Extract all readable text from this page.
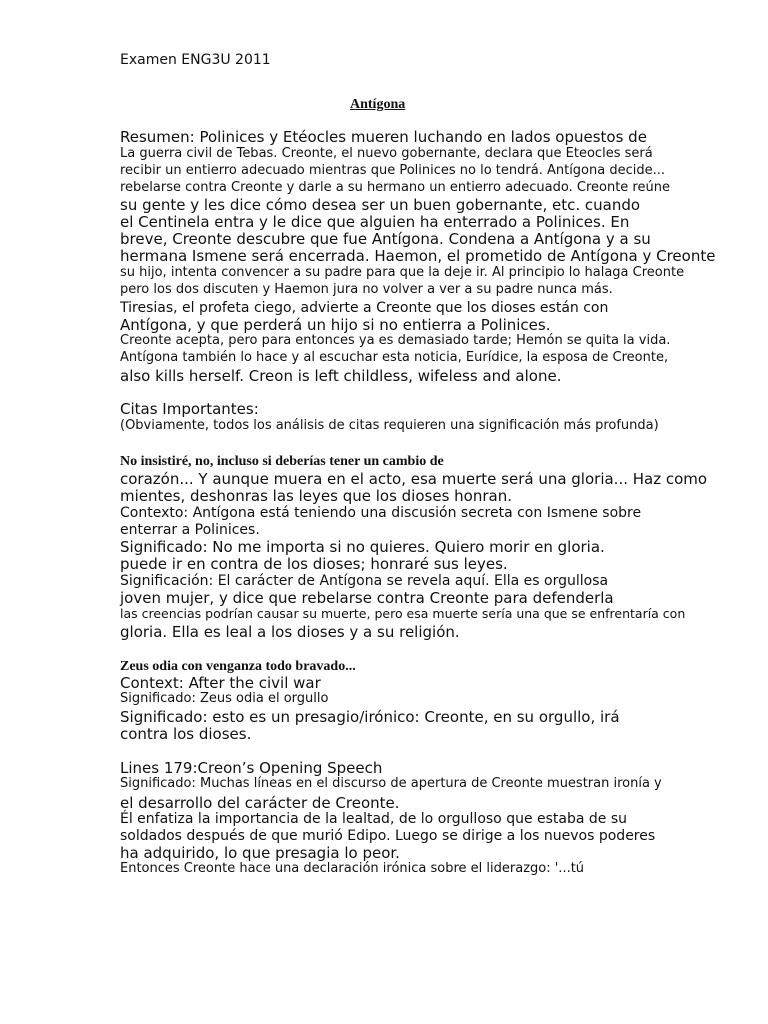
Examen ENG3U 2011
Antígona
Resumen: Polinices y Etéocles mueren luchando en lados opuestos de
La guerra civil de Tebas. Creonte, el nuevo gobernante, declara que Eteocles será
recibir un entierro adecuado mientras que Polinices no lo tendrá. Antígona decide...
rebelarse contra Creonte y darle a su hermano un entierro adecuado. Creonte reúne
su gente y les dice cómo desea ser un buen gobernante, etc. cuando
el Centinela entra y le dice que alguien ha enterrado a Polinices. En
breve, Creonte descubre que fue Antígona. Condena a Antígona y a su
hermana Ismene será encerrada. Haemon, el prometido de Antígona y Creonte
su hijo, intenta convencer a su padre para que la deje ir. Al principio lo halaga Creonte
pero los dos discuten y Haemon jura no volver a ver a su padre nunca más.
Tiresias, el profeta ciego, advierte a Creonte que los dioses están con
Antígona, y que perderá un hijo si no entierra a Polinices.
Creonte acepta, pero para entonces ya es demasiado tarde; Hemón se quita la vida.
Antígona también lo hace y al escuchar esta noticia, Eurídice, la esposa de Creonte,
also kills herself. Creon is left childless, wifeless and alone.
Citas Importantes:
(Obviamente, todos los análisis de citas requieren una significación más profunda)
No insistiré, no, incluso si deberías tener un cambio de
corazón... Y aunque muera en el acto, esa muerte será una gloria... Haz como
mientes, deshonras las leyes que los dioses honran.
Contexto: Antígona está teniendo una discusión secreta con Ismene sobre
enterrar a Polinices.
Significado: No me importa si no quieres. Quiero morir en gloria.
puede ir en contra de los dioses; honraré sus leyes.
Significación: El carácter de Antígona se revela aquí. Ella es orgullosa
joven mujer, y dice que rebelarse contra Creonte para defenderla
las creencias podrían causar su muerte, pero esa muerte sería una que se enfrentaría con
gloria. Ella es leal a los dioses y a su religión.
Zeus odia con venganza todo bravado...
Context: After the civil war
Significado: Zeus odia el orgullo
Significado: esto es un presagio/irónico: Creonte, en su orgullo, irá
contra los dioses.
Lines 179:Creon’s Opening Speech
Significado: Muchas líneas en el discurso de apertura de Creonte muestran ironía y
el desarrollo del carácter de Creonte.
Él enfatiza la importancia de la lealtad, de lo orgulloso que estaba de su
soldados después de que murió Edipo. Luego se dirige a los nuevos poderes
ha adquirido, lo que presagia lo peor.
Entonces Creonte hace una declaración irónica sobre el liderazgo: '...tú
